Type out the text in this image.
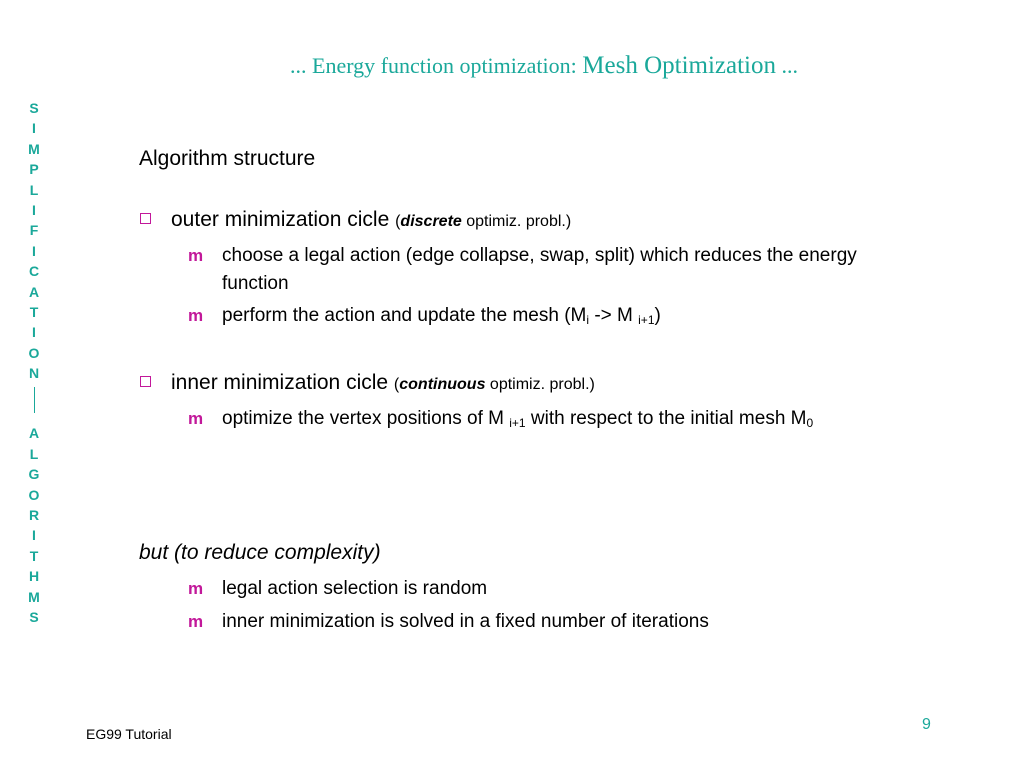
... Energy function optimization: Mesh Optimization ...
S
I
M
P
L
I
F
I
C
A
T
I
O
N
A
L
G
O
R
I
T
H
M
S

Algorithm structure

outer minimization cicle (discrete optimiz. probl.)
m choose a legal action (edge collapse, swap, split) which reduces the energy function
m perform the action and update the mesh ($M_i -> M$ $_{i+1}$)
inner minimization cicle (continuous optimiz. probl.)
m optimize the vertex positions of M $_{i+1}$ with respect to the initial mesh $M_0$
but (to reduce complexity)
m legal action selection is random
m inner minimization is solved in a fixed number of iterations
EG99 Tutorial
9
